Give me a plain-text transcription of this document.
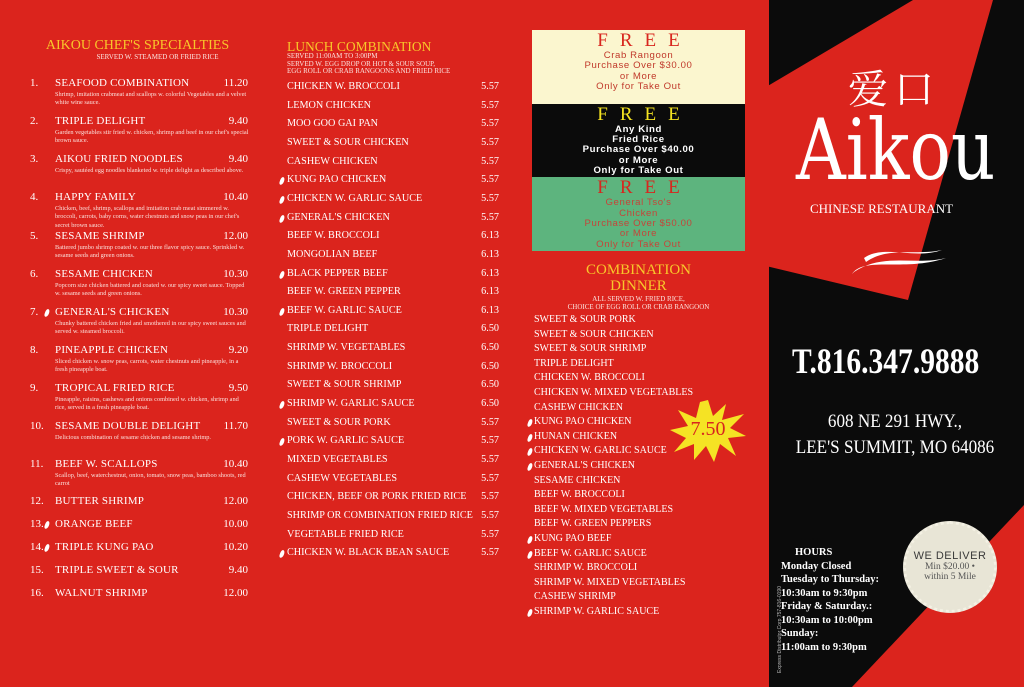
AIKOU CHEF'S SPECIALTIES
SERVED W. STEAMED OR FRIED RICE
1. SEAFOOD COMBINATION	11.20
Shrimp, imitation crabmeat and scallops w. colorful Vegetables and a velvet white wine sauce.
2. TRIPLE DELIGHT	9.40
Garden vegetables stir fried w. chicken, shrimp and beef in our chef's special brown sauce.
3. AIKOU FRIED NOODLES	9.40
Crispy, sautéed egg noodles blanketed w. triple delight as described above.
4. HAPPY FAMILY	10.40
Chicken, beef, shrimp, scallops and imitation crab meat simmered w. broccoli, carrots, baby corns, water chestnuts and snow peas in our chef's secret brown sauce.
5. SESAME SHRIMP	12.00
Battered jumbo shrimp coated w. our three flavor spicy sauce. Sprinkled w. sesame seeds and green onions.
6. SESAME CHICKEN	10.30
Popcorn size chicken battered and coated w. our spicy sweet sauce. Topped w. sesame seeds and green onions.
7. GENERAL'S CHICKEN	10.30
Chunky battered chicken fried and smothered in our spicy sweet sauces and served w. steamed broccoli.
8. PINEAPPLE CHICKEN	9.20
Sliced chicken w. snow peas, carrots, water chestnuts and pineapple, in a fresh pineapple boat.
9. TROPICAL FRIED RICE	9.50
Pineapple, raisins, cashews and onions combined w. chicken, shrimp and rice, served in a fresh pineapple boat.
10. SESAME DOUBLE DELIGHT 11.70
Delicious combination of sesame chicken and sesame shrimp.
11. BEEF W. SCALLOPS	10.40
Scallop, beef, waterchestnut, onion, tomato, snow peas, bamboo shoots, red carrot
12. BUTTER SHRIMP	12.00
13. ORANGE BEEF	10.00
14. TRIPLE KUNG PAO	10.20
15. TRIPLE SWEET & SOUR	9.40
16. WALNUT SHRIMP	12.00
LUNCH COMBINATION
SERVED 11:00AM TO 3:00PM
SERVED W. EGG DROP OR HOT & SOUR SOUP,
EGG ROLL OR CRAB RANGOONS AND FRIED RICE
CHICKEN W. BROCCOLI	5.57
LEMON CHICKEN	5.57
MOO GOO GAI PAN	5.57
SWEET & SOUR CHICKEN	5.57
CASHEW CHICKEN	5.57
KUNG PAO CHICKEN	5.57
CHICKEN W. GARLIC SAUCE	5.57
GENERAL'S CHICKEN	5.57
BEEF W. BROCCOLI	6.13
MONGOLIAN BEEF	6.13
BLACK PEPPER BEEF	6.13
BEEF W. GREEN PEPPER	6.13
BEEF W. GARLIC SAUCE	6.13
TRIPLE DELIGHT	6.50
SHRIMP W. VEGETABLES	6.50
SHRIMP W. BROCCOLI	6.50
SWEET & SOUR SHRIMP	6.50
SHRIMP W. GARLIC SAUCE	6.50
SWEET & SOUR PORK	5.57
PORK W. GARLIC SAUCE	5.57
MIXED VEGETABLES	5.57
CASHEW VEGETABLES	5.57
CHICKEN, BEEF OR PORK FRIED RICE 5.57
SHRIMP OR COMBINATION FRIED RICE 5.57
VEGETABLE FRIED RICE	5.57
CHICKEN W. BLACK BEAN SAUCE	5.57
FREE
Crab Rangoon
Purchase Over $30.00
or More
Only for Take Out
FREE
Any Kind
Fried Rice
Purchase Over $40.00
or More
Only for Take Out
FREE
General Tso's
Chicken
Purchase Over $50.00
or More
Only for Take Out
COMBINATION
DINNER
ALL SERVED W. FRIED RICE,
CHOICE OF EGG ROLL OR CRAB RANGOON
SWEET & SOUR PORK
SWEET & SOUR CHICKEN
SWEET & SOUR SHRIMP
TRIPLE DELIGHT
CHICKEN W. BROCCOLI
CHICKEN W. MIXED VEGETABLES
CASHEW CHICKEN
KUNG PAO CHICKEN
HUNAN CHICKEN
CHICKEN W. GARLIC SAUCE
GENERAL'S CHICKEN
SESAME CHICKEN
BEEF W. BROCCOLI
BEEF W. MIXED VEGETABLES
BEEF W. GREEN PEPPERS
KUNG PAO BEEF
BEEF W. GARLIC SAUCE
SHRIMP W. BROCCOLI
SHRIMP W. MIXED VEGETABLES
CASHEW SHRIMP
SHRIMP W. GARLIC SAUCE
7.50
爱口
Aikou
CHINESE RESTAURANT
T.816.347.9888
608 NE 291 HWY.,
LEE'S SUMMIT, MO 64086
Express Distributor Corp 757-816-0190
HOURS
Monday Closed
Tuesday to Thursday:
10:30am to 9:30pm
Friday & Saturday.:
10:30am to 10:00pm
Sunday:
11:00am to 9:30pm
WE DELIVER
Min $20.00 •
within 5 Mile
